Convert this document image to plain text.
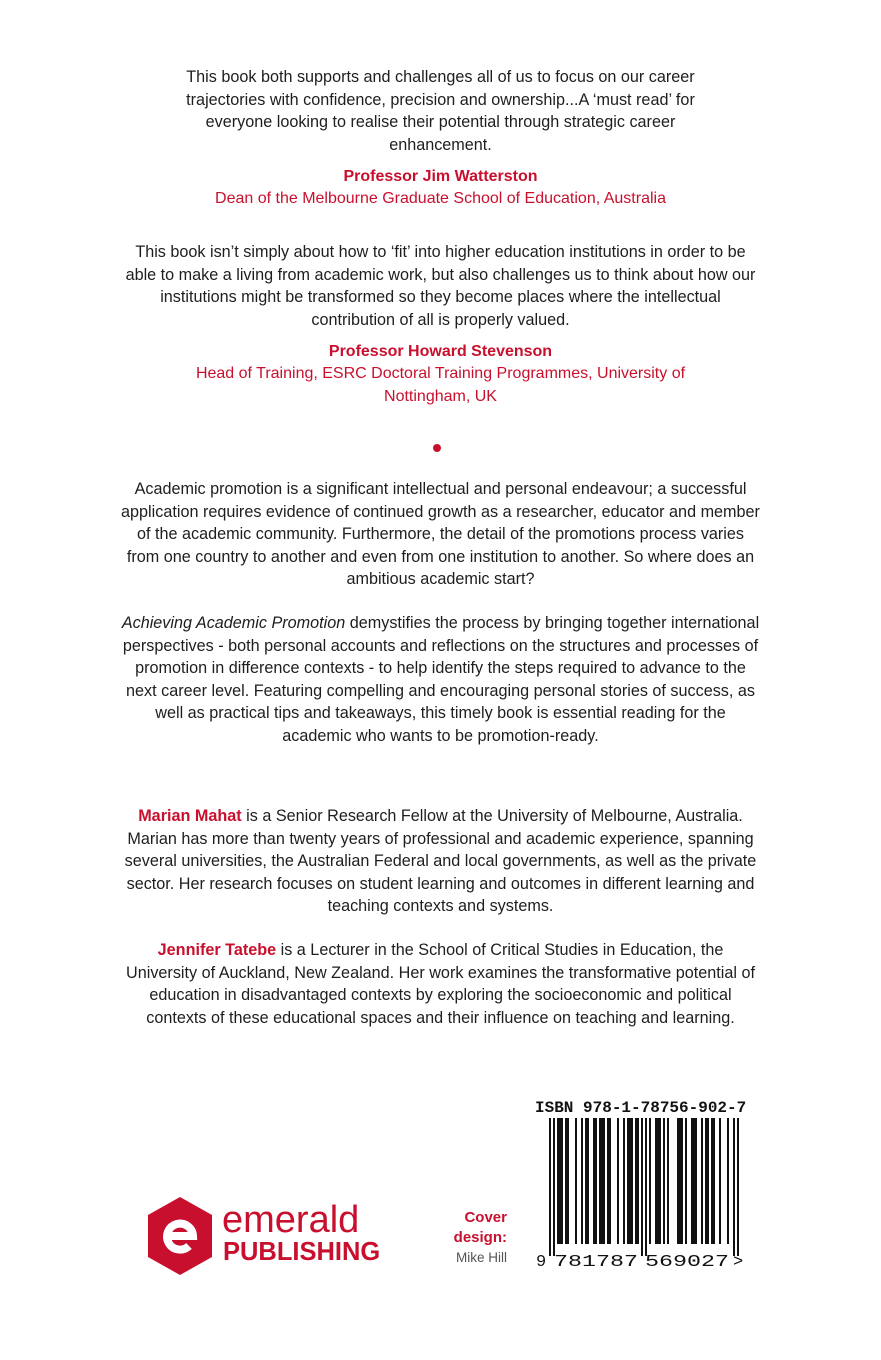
This book both supports and challenges all of us to focus on our career trajectories with confidence, precision and ownership...A ‘must read’ for everyone looking to realise their potential through strategic career enhancement.

Professor Jim Watterston

Dean of the Melbourne Graduate School of Education, Australia

This book isn’t simply about how to ‘fit’ into higher education institutions in order to be able to make a living from academic work, but also challenges us to think about how our institutions might be transformed so they become places where the intellectual contribution of all is properly valued.

Professor Howard Stevenson

Head of Training, ESRC Doctoral Training Programmes, University of Nottingham, UK

Academic promotion is a significant intellectual and personal endeavour; a successful application requires evidence of continued growth as a researcher, educator and member of the academic community. Furthermore, the detail of the promotions process varies from one country to another and even from one institution to another. So where does an ambitious academic start?

Achieving Academic Promotion demystifies the process by bringing together international perspectives - both personal accounts and reflections on the structures and processes of promotion in difference contexts - to help identify the steps required to advance to the next career level. Featuring compelling and encouraging personal stories of success, as well as practical tips and takeaways, this timely book is essential reading for the academic who wants to be promotion-ready.

Marian Mahat is a Senior Research Fellow at the University of Melbourne, Australia. Marian has more than twenty years of professional and academic experience, spanning several universities, the Australian Federal and local governments, as well as the private sector. Her research focuses on student learning and outcomes in different learning and teaching contexts and systems.

Jennifer Tatebe is a Lecturer in the School of Critical Studies in Education, the University of Auckland, New Zealand. Her work examines the transformative potential of education in disadvantaged contexts by exploring the socioeconomic and political contexts of these educational spaces and their influence on teaching and learning.

emerald
PUBLISHING
Cover design:
Mike Hill
ISBN 978-1-78756-902-7
9 781787 569027 >
